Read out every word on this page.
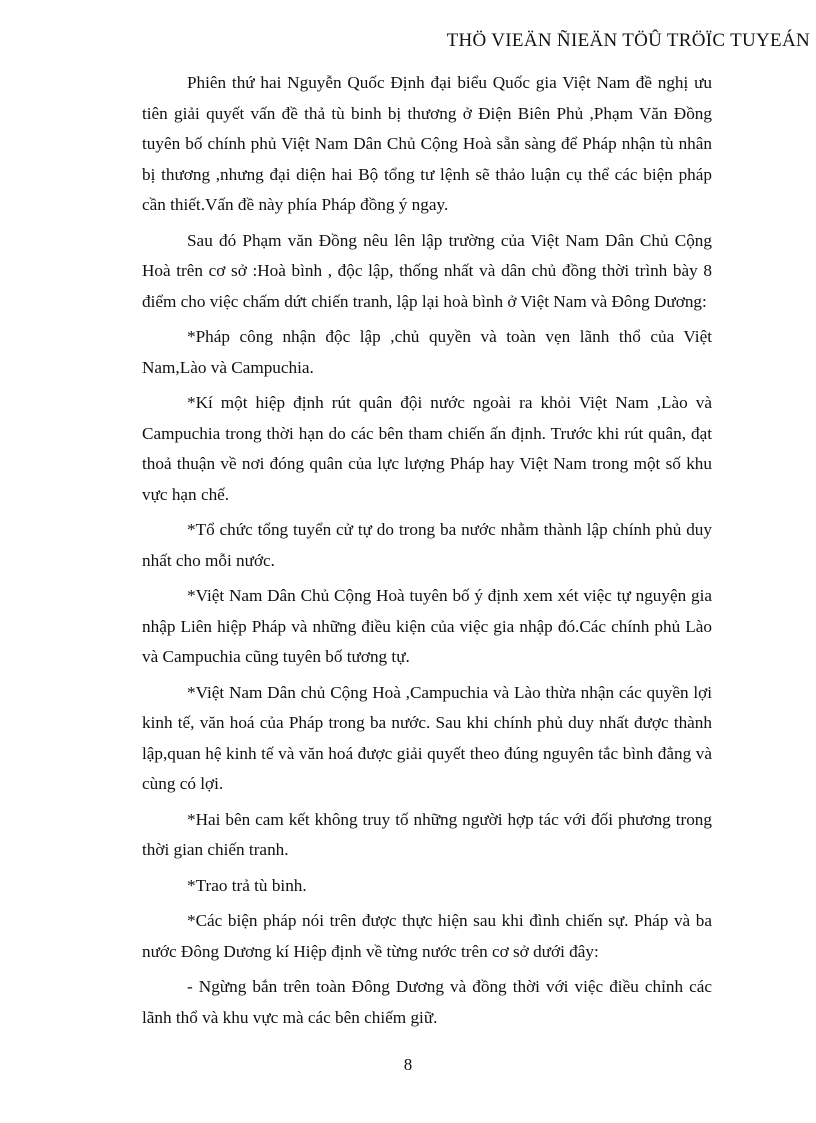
THÖ VIEÄN ÑIEÄN TÖÛ TRÖÏC TUYEÁN

Phiên thứ hai Nguyễn Quốc Định đại biểu Quốc gia Việt Nam đề nghị ưu tiên giải quyết vấn đề thả tù binh bị thương ở Điện Biên Phủ ,Phạm Văn Đồng tuyên bố chính phủ Việt Nam Dân Chủ Cộng Hoà sẵn sàng để Pháp nhận tù nhân bị thương ,nhưng đại diện hai Bộ tổng tư lệnh sẽ thảo luận cụ thể các biện pháp cần thiết.Vấn đề này phía Pháp đồng ý ngay.

Sau đó Phạm văn Đồng nêu lên lập trường của Việt Nam Dân Chủ Cộng Hoà trên cơ sở :Hoà bình , độc lập, thống nhất và dân chủ đồng thời trình bày 8 điểm cho việc chấm dứt chiến tranh, lập lại hoà bình ở Việt Nam và Đông Dương:

*Pháp công nhận độc lập ,chủ quyền và toàn vẹn lãnh thổ của Việt Nam,Lào và Campuchia.

*Kí một hiệp định rút quân đội nước ngoài ra khỏi Việt Nam ,Lào và Campuchia trong thời hạn do các bên tham chiến ấn định. Trước khi rút quân, đạt thoả thuận về nơi đóng quân của lực lượng Pháp hay Việt Nam trong một số khu vực hạn chế.

*Tổ chức tổng tuyển cử tự do trong ba nước nhằm thành lập chính phủ duy nhất cho mỗi nước.

*Việt Nam Dân Chủ Cộng Hoà tuyên bố ý định xem xét việc tự nguyện gia nhập Liên hiệp Pháp và những điều kiện của việc gia nhập đó.Các chính phủ Lào và Campuchia cũng tuyên bố tương tự.

*Việt Nam Dân chủ Cộng Hoà ,Campuchia và Lào thừa nhận các quyền lợi kinh tế, văn hoá của Pháp trong ba nước. Sau khi chính phủ duy nhất được thành lập,quan hệ kinh tế và văn hoá được giải quyết theo đúng nguyên tắc bình đẳng và cùng có lợi.

*Hai bên cam kết không truy tố những người hợp tác với đối phương trong thời gian chiến tranh.

*Trao trả tù binh.

*Các biện pháp nói trên được thực hiện sau khi đình chiến sự. Pháp và ba nước Đông Dương kí Hiệp định về từng nước trên cơ sở dưới đây:

- Ngừng bắn trên toàn Đông Dương và đồng thời với việc điều chỉnh các lãnh thổ và khu vực mà các bên chiếm giữ.

8
